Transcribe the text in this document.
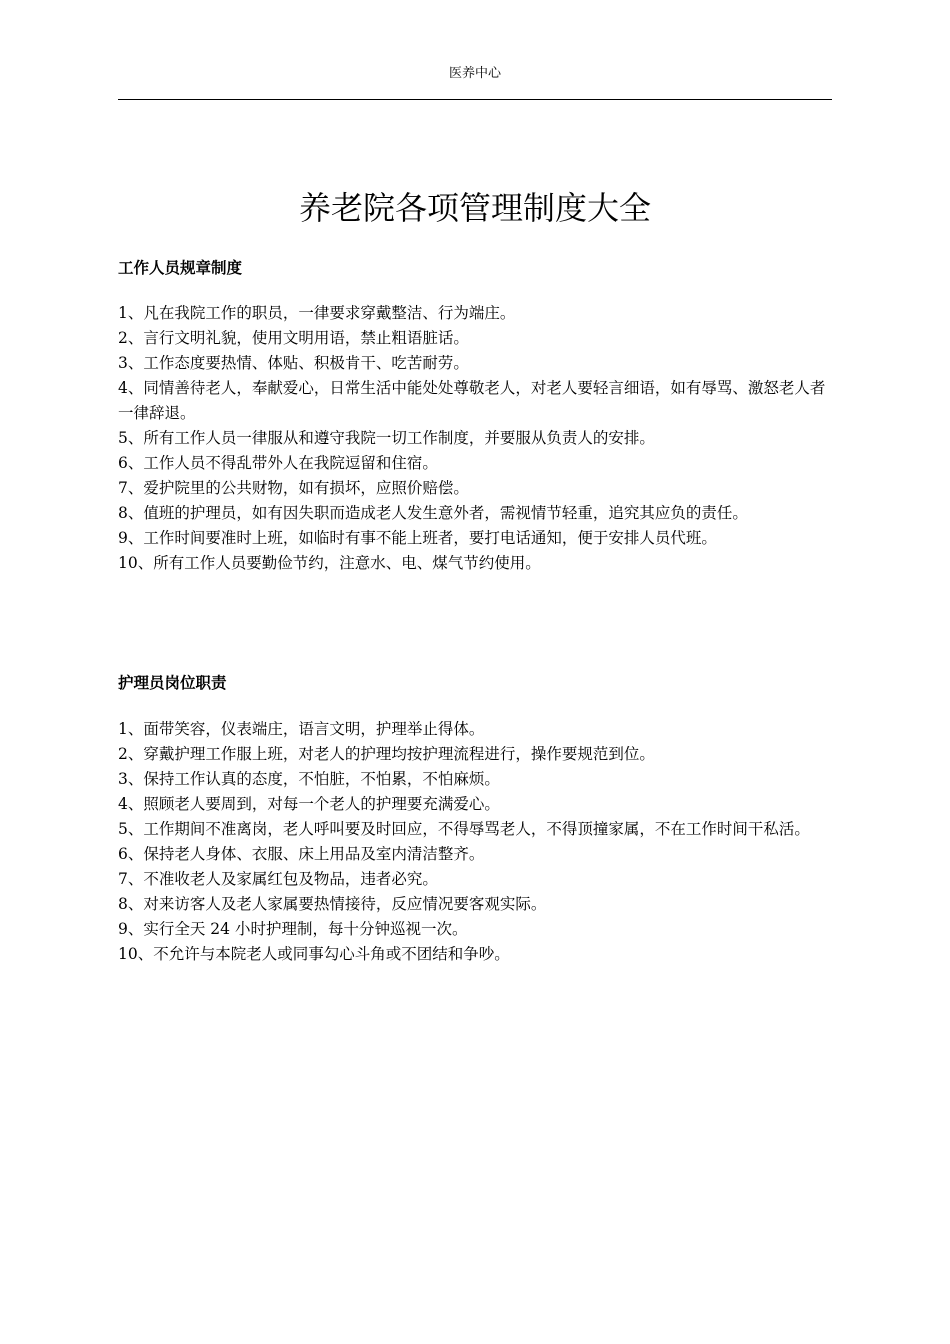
医养中心
养老院各项管理制度大全
工作人员规章制度
1、凡在我院工作的职员，一律要求穿戴整洁、行为端庄。
2、言行文明礼貌，使用文明用语，禁止粗语脏话。
3、工作态度要热情、体贴、积极肯干、吃苦耐劳。
4、同情善待老人，奉献爱心，日常生活中能处处尊敬老人，对老人要轻言细语，如有辱骂、激怒老人者一律辞退。
5、所有工作人员一律服从和遵守我院一切工作制度，并要服从负责人的安排。
6、工作人员不得乱带外人在我院逗留和住宿。
7、爱护院里的公共财物，如有损坏，应照价赔偿。
8、值班的护理员，如有因失职而造成老人发生意外者，需视情节轻重，追究其应负的责任。
9、工作时间要准时上班，如临时有事不能上班者，要打电话通知，便于安排人员代班。
10、所有工作人员要勤俭节约，注意水、电、煤气节约使用。
护理员岗位职责
1、面带笑容，仪表端庄，语言文明，护理举止得体。
2、穿戴护理工作服上班，对老人的护理均按护理流程进行，操作要规范到位。
3、保持工作认真的态度，不怕脏，不怕累，不怕麻烦。
4、照顾老人要周到，对每一个老人的护理要充满爱心。
5、工作期间不准离岗，老人呼叫要及时回应，不得辱骂老人，不得顶撞家属，不在工作时间干私活。
6、保持老人身体、衣服、床上用品及室内清洁整齐。
7、不准收老人及家属红包及物品，违者必究。
8、对来访客人及老人家属要热情接待，反应情况要客观实际。
9、实行全天 24 小时护理制，每十分钟巡视一次。
10、不允许与本院老人或同事勾心斗角或不团结和争吵。
